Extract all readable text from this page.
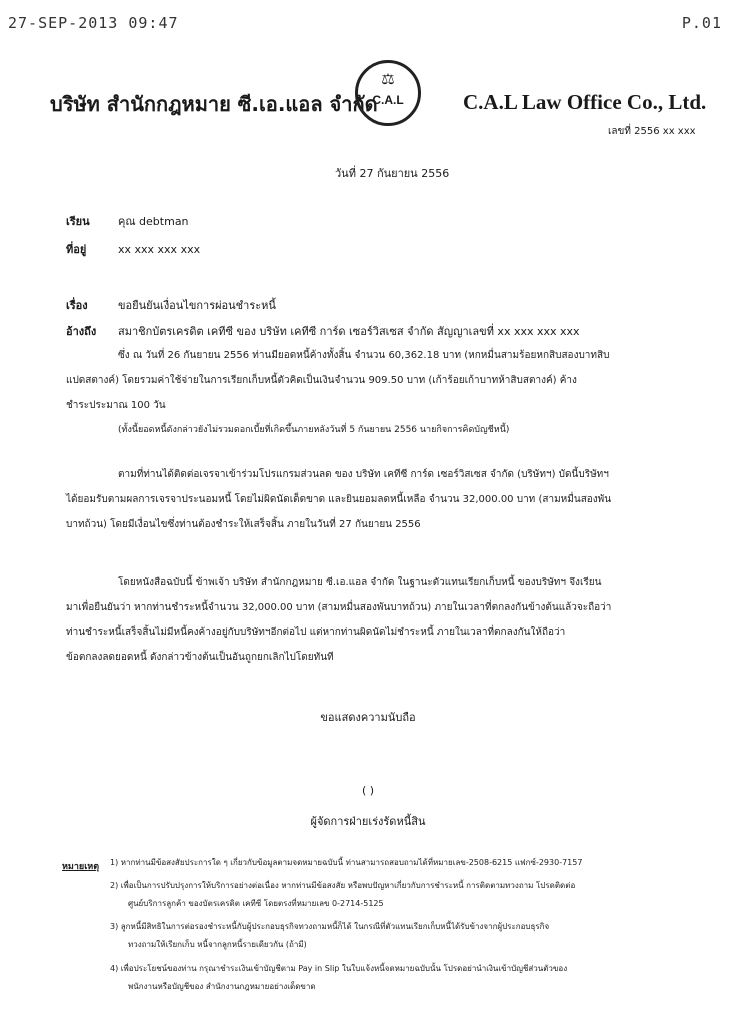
27-SEP-2013 09:47	P.01
บริษัท สำนักกฎหมาย ซี.เอ.แอล จำกัด
⚖
C.A.L	C.A.L Law Office Co., Ltd.
เลขที่ 2556 xx xxx
วันที่ 27 กันยายน 2556
เรียน	คุณ debtman
ที่อยู่	xx xxx xxx xxx
เรื่อง	ขอยืนยันเงื่อนไขการผ่อนชำระหนี้
อ้างถึง สมาชิกบัตรเครดิต เคทีซี ของ บริษัท เคทีซี การ์ด เซอร์วิสเซส จำกัด สัญญาเลขที่ xx xxx xxx xxx
ซึ่ง ณ วันที่ 26 กันยายน 2556 ท่านมียอดหนี้ค้างทั้งสิ้น จำนวน 60,362.18 บาท (หกหมื่นสามร้อยหกสิบสองบาทสิบ
แปดสตางค์) โดยรวมค่าใช้จ่ายในการเรียกเก็บหนี้ตัวคิดเป็นเงินจำนวน 909.50 บาท (เก้าร้อยเก้าบาทห้าสิบสตางค์) ค้าง
ชำระประมาณ 100 วัน
(ทั้งนี้ยอดหนี้ดังกล่าวยังไม่รวมดอกเบี้ยที่เกิดขึ้นภายหลังวันที่ 5 กันยายน 2556 นายกิจการคิดบัญชีหนี้)
ตามที่ท่านได้ติดต่อเจรจาเข้าร่วมโปรแกรมส่วนลด ของ บริษัท เคทีซี การ์ด เซอร์วิสเซส จำกัด (บริษัทฯ) บัดนี้บริษัทฯ
ได้ยอมรับตามผลการเจรจาประนอมหนี้ โดยไม่ผิดนัดเด็ดขาด และยินยอมลดหนี้เหลือ จำนวน 32,000.00 บาท (สามหมื่นสองพัน
บาทถ้วน) โดยมีเงื่อนไขซึ่งท่านต้องชำระให้เสร็จสิ้น ภายในวันที่ 27 กันยายน 2556
โดยหนังสือฉบับนี้ ข้าพเจ้า บริษัท สำนักกฎหมาย ซี.เอ.แอล จำกัด ในฐานะตัวแทนเรียกเก็บหนี้ ของบริษัทฯ จึงเรียน
มาเพื่อยืนยันว่า หากท่านชำระหนี้จำนวน 32,000.00 บาท (สามหมื่นสองพันบาทถ้วน) ภายในเวลาที่ตกลงกันข้างต้นแล้วจะถือว่า
ท่านชำระหนี้เสร็จสิ้นไม่มีหนี้คงค้างอยู่กับบริษัทฯอีกต่อไป แต่หากท่านผิดนัดไม่ชำระหนี้ ภายในเวลาที่ตกลงกันให้ถือว่า
ข้อตกลงลดยอดหนี้ ดังกล่าวข้างต้นเป็นอันถูกยกเลิกไปโดยทันที
ขอแสดงความนับถือ
( )
ผู้จัดการฝ่ายเร่งรัดหนี้สิน
หมายเหตุ 1) หากท่านมีข้อสงสัยประการใด ๆ เกี่ยวกับข้อมูลตามจดหมายฉบับนี้ ท่านสามารถสอบถามได้ที่หมายเลข-2508-6215 แฟกซ์-2930-7157
2) เพื่อเป็นการปรับปรุงการให้บริการอย่างต่อเนื่อง หากท่านมีข้อสงสัย หรือพบปัญหาเกี่ยวกับการชำระหนี้ การติดตามทวงถาม โปรดติดต่อ
ศูนย์บริการลูกค้า ของบัตรเครดิต เคทีซี โดยตรงที่หมายเลข 0-2714-5125
3) ลูกหนี้มีสิทธิในการต่อรองชำระหนี้กับผู้ประกอบธุรกิจทวงถามหนี้ก็ได้ ในกรณีที่ตัวแทนเรียกเก็บหนี้ได้รับข้างจากผู้ประกอบธุรกิจ
ทวงถามให้เรียกเก็บ หนี้จากลูกหนี้รายเดียวกัน (ถ้ามี)
4) เพื่อประโยชน์ของท่าน กรุณาชำระเงินเข้าบัญชีตาม Pay in Slip ในใบแจ้งหนี้จดหมายฉบับนั้น โปรดอย่านำเงินเข้าบัญชีส่วนตัวของ
พนักงานหรือบัญชีของ สำนักงานกฎหมายอย่างเด็ดขาด
